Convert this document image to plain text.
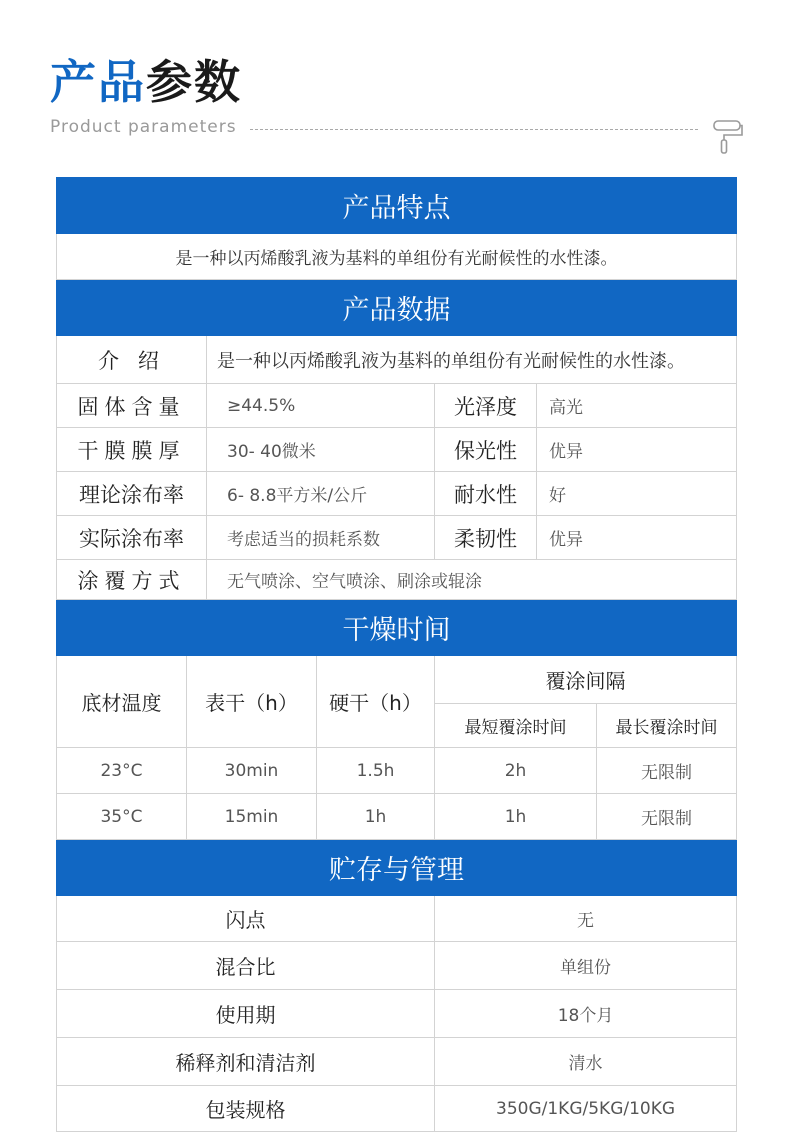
产品参数
Product parameters
产品特点						
是一种以丙烯酸乳液为基料的单组份有光耐候性的水性漆。						
产品数据						
介 绍		是一种以丙烯酸乳液为基料的单组份有光耐候性的水性漆。				
固体含量		≥44.5%		光泽度	高光	
干膜膜厚		30- 40微米		保光性	优异	
理论涂布率		6- 8.8平方米/公斤		耐水性	好	
实际涂布率		考虑适当的损耗系数		柔韧性	优异	
涂覆方式		无气喷涂、空气喷涂、刷涂或辊涂				
干燥时间						
底材温度	表干（h）		硬干（h）	覆涂间隔		
				最短覆涂时间		最长覆涂时间
23°C	30min		1.5h	2h		无限制
35°C	15min		1h	1h		无限制
贮存与管理						
闪点				无		
混合比				单组份		
使用期				18个月		
稀释剂和清洁剂				清水		
包装规格				350G/1KG/5KG/10KG		
